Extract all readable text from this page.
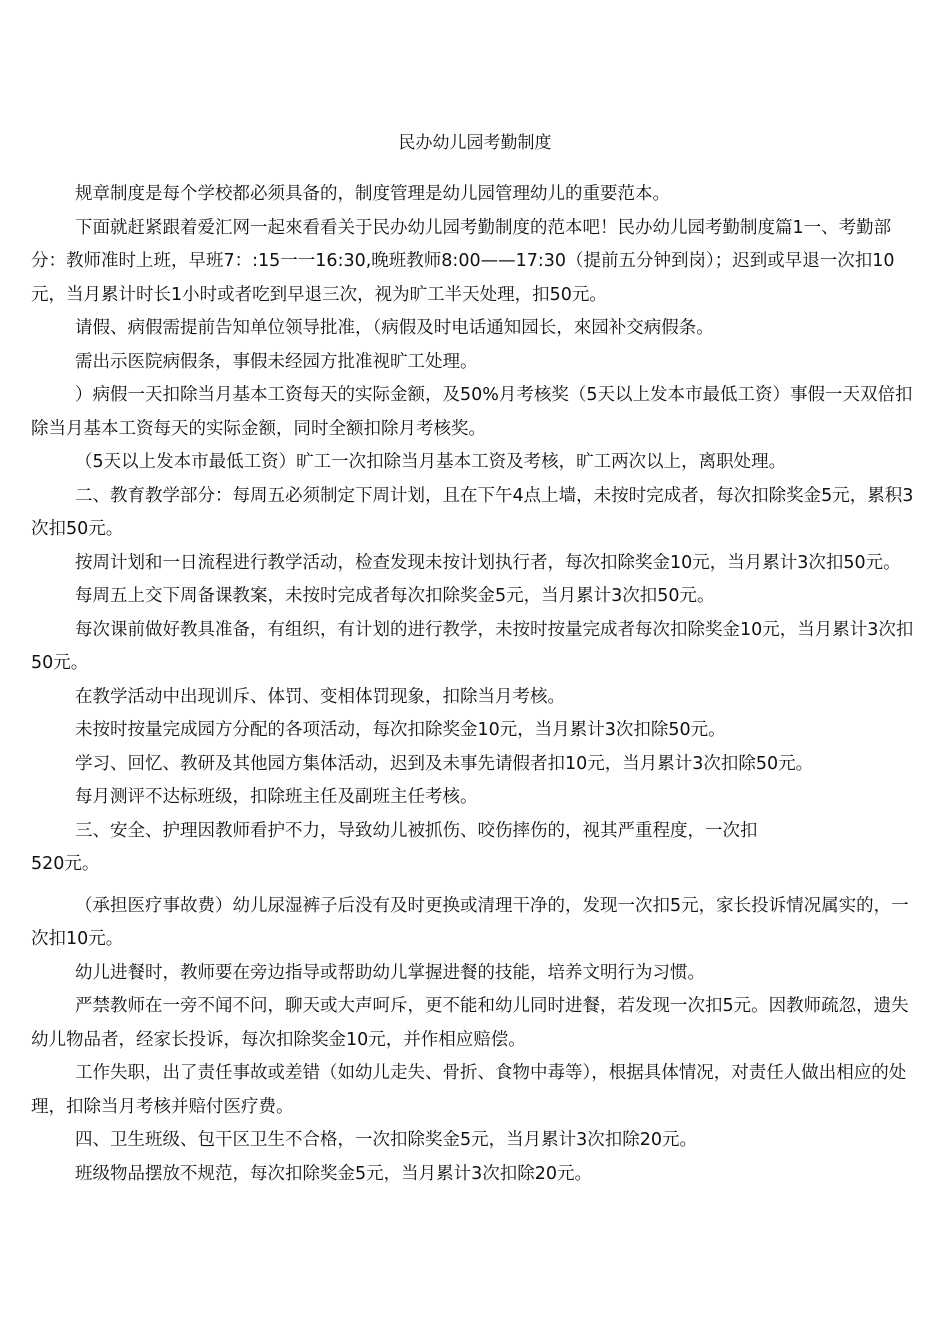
民办幼儿园考勤制度

规章制度是每个学校都必须具备的，制度管理是幼儿园管理幼儿的重要范本。

下面就赶紧跟着爱汇网一起來看看关于民办幼儿园考勤制度的范本吧！民办幼儿园考勤制度篇1一、考勤部分：教师准时上班，早班7：:15一一16:30,晚班教师8:00——17:30（提前五分钟到岗）；迟到或早退一次扣10元，当月累计时长1小时或者吃到早退三次，视为旷工半天处理，扣50元。

请假、病假需提前告知单位领导批准，（病假及时电话通知园长，來园补交病假条。

需出示医院病假条，事假未经园方批准视旷工处理。

）病假一天扣除当月基本工资每天的实际金额，及50%月考核奖（5天以上发本市最低工资）事假一天双倍扣除当月基本工资每天的实际金额，同时全额扣除月考核奖。

（5天以上发本市最低工资）旷工一次扣除当月基本工资及考核，旷工两次以上，离职处理。

二、教育教学部分：每周五必须制定下周计划，且在下午4点上墙，未按时完成者，每次扣除奖金5元，累积3次扣50元。

按周计划和一日流程进行教学活动，检查发现未按计划执行者，每次扣除奖金10元，当月累计3次扣50元。

每周五上交下周备课教案，未按时完成者每次扣除奖金5元，当月累计3次扣50元。

每次课前做好教具准备，有组织，有计划的进行教学，未按时按量完成者每次扣除奖金10元，当月累计3次扣50元。

在教学活动中出现训斥、体罚、变相体罚现象，扣除当月考核。

未按时按量完成园方分配的各项活动，每次扣除奖金10元，当月累计3次扣除50元。

学习、回忆、教研及其他园方集体活动，迟到及未事先请假者扣10元，当月累计3次扣除50元。

每月测评不达标班级，扣除班主任及副班主任考核。

三、安全、护理因教师看护不力，导致幼儿被抓伤、咬伤摔伤的，视其严重程度，一次扣

520元。

（承担医疗事故费）幼儿尿湿裤子后没有及时更换或清理干净的，发现一次扣5元，家长投诉情况属实的，一次扣10元。

幼儿进餐时，教师要在旁边指导或帮助幼儿掌握进餐的技能，培养文明行为习惯。

严禁教师在一旁不闻不问，聊天或大声呵斥，更不能和幼儿同时进餐，若发现一次扣5元。因教师疏忽，遗失幼儿物品者，经家长投诉，每次扣除奖金10元，并作相应赔偿。

工作失职，出了责任事故或差错（如幼儿走失、骨折、食物中毒等），根据具体情况，对责任人做出相应的处理，扣除当月考核并赔付医疗费。

四、卫生班级、包干区卫生不合格，一次扣除奖金5元，当月累计3次扣除20元。

班级物品摆放不规范，每次扣除奖金5元，当月累计3次扣除20元。
